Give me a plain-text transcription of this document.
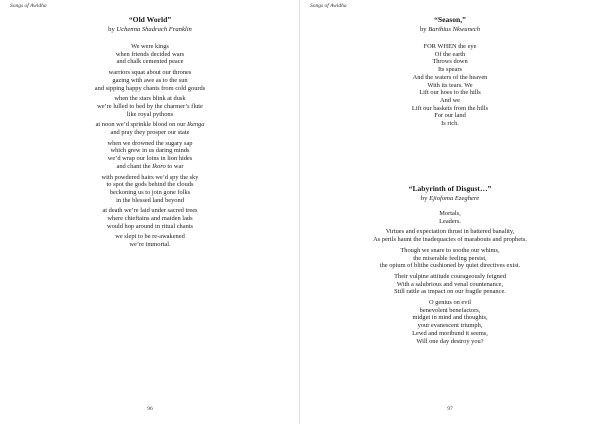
Songs of Awidha
“Old World”
by Uchenna Shadrach Franklin
We were kings
when friends decided wars
and chalk cemented peace
warriors squat about our thrones
gazing with awe as to the sun
and sipping happy chants from cold gourds
when the stars blink at dusk
we’re lulled to bed by the charmer’s flute
like royal pythons
at noon we’d sprinkle blood on our Ikenga
and pray they prosper our state
when we drowned the sugary sap
which grew in us daring minds
we’d wrap our loins in lion hides
and chant the Ikoro to war
with powdered hairs we’d spy the sky
to spot the gods behind the clouds
beckoning us to join gone folks
in the blessed land beyond
at death we’re laid under sacred trees
where chieftains and maiden lads
would hop around in ritual chants
we slept to be re-awakened
we’re immortal.
96
Songs of Awidha
“Season,”
by Barthius Nkwunech
FOR WHEN the eye
Of the earth
Throws down
Its spears
And the waters of the heaven
With its tears. We
Lift our hoes to the hills
And we
Lift our baskets from the hills
For our land
Is rich.
“Labyrinth of Disgust…”
by Ejiofoma Ezeghere
Mortals,
Leaders.
Virtues and expectation thrust in battered banality,
As perils haunt the inadequacies of marabouts and prophets.
Though we snare to soothe our whims,
the miserable feeling persist,
the opium of blithe cushioned by quiet directives exist.
Their vulpine attitude courageously feigned
With a salubrious and venal countenance,
Still rattle as impact on our fragile penance.
O genius on evil
benevolent benefactors,
midget in mind and thoughts,
your evanescent triumph,
Lewd and moribund it seems,
Will one day destroy you?
97
